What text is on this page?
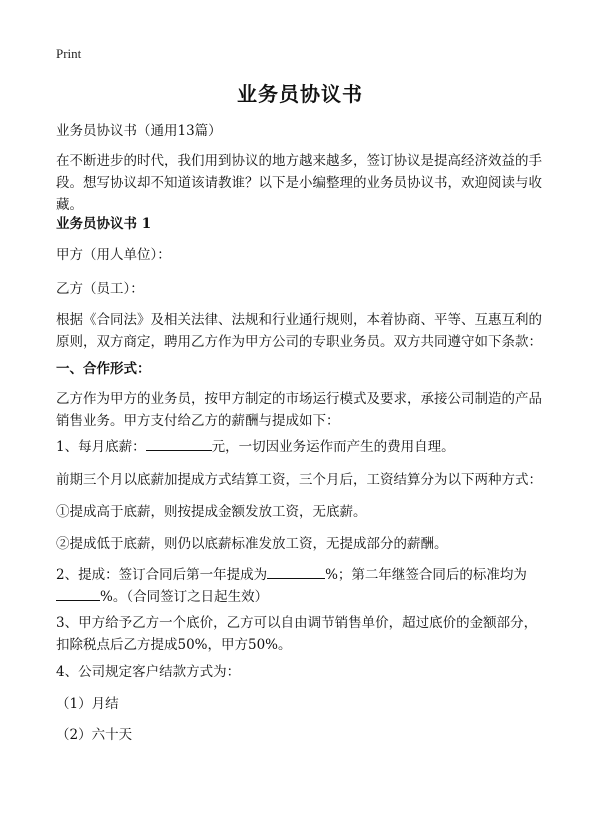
Print
业务员协议书

业务员协议书（通用13篇）

在不断进步的时代，我们用到协议的地方越来越多，签订协议是提高经济效益的手段。想写协议却不知道该请教谁？以下是小编整理的业务员协议书，欢迎阅读与收藏。

业务员协议书 1

甲方（用人单位）：

乙方（员工）：

根据《合同法》及相关法律、法规和行业通行规则，本着协商、平等、互惠互利的原则，双方商定，聘用乙方作为甲方公司的专职业务员。双方共同遵守如下条款：

一、合作形式：

乙方作为甲方的业务员，按甲方制定的市场运行模式及要求，承接公司制造的产品销售业务。甲方支付给乙方的薪酬与提成如下：

1、每月底薪：	元，一切因业务运作而产生的费用自理。

前期三个月以底薪加提成方式结算工资，三个月后，工资结算分为以下两种方式：

①提成高于底薪，则按提成金额发放工资，无底薪。

②提成低于底薪，则仍以底薪标准发放工资，无提成部分的薪酬。

2、提成：签订合同后第一年提成为	%；第二年继签合同后的标准均为
%。（合同签订之日起生效）

3、甲方给予乙方一个底价，乙方可以自由调节销售单价，超过底价的金额部分，扣除税点后乙方提成50%，甲方50%。

4、公司规定客户结款方式为：

（1）月结

（2）六十天
